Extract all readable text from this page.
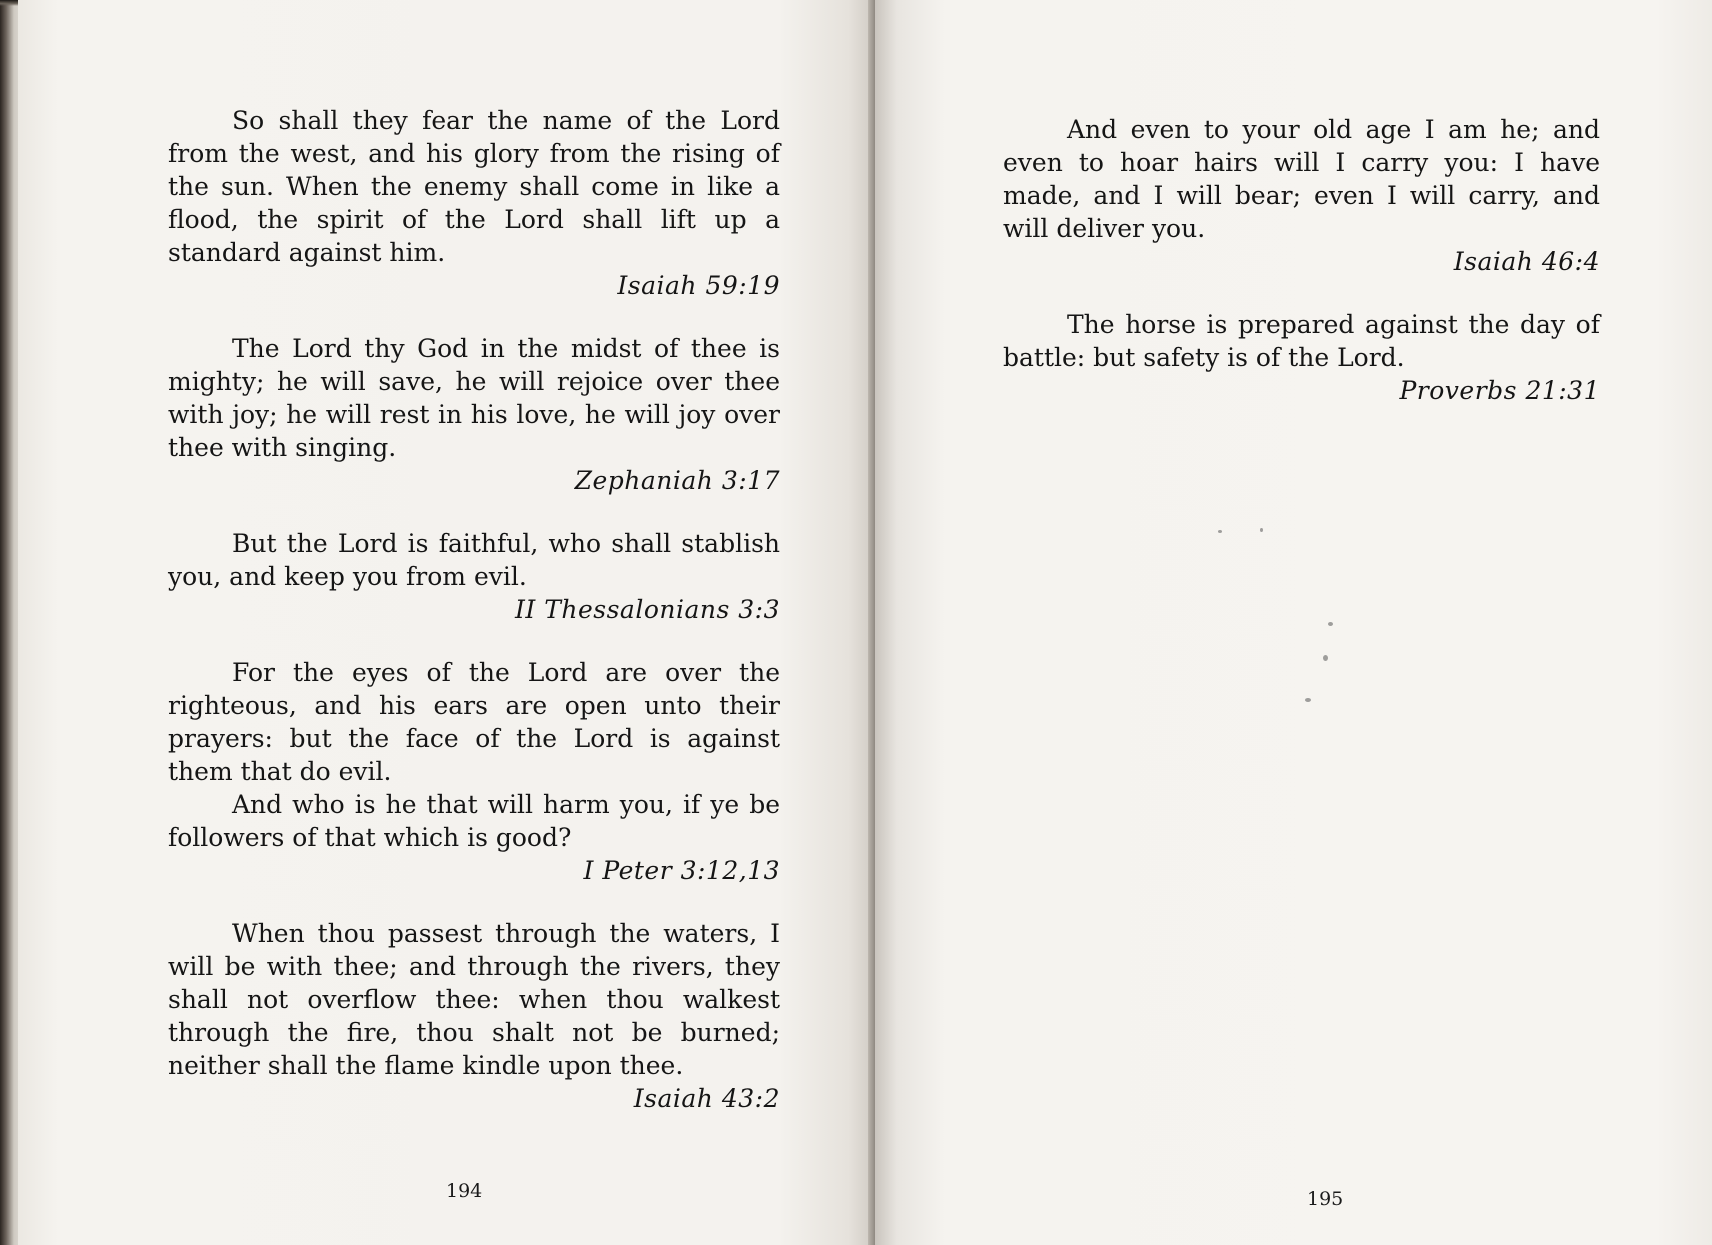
So shall they fear the name of the Lord from the west, and his glory from the rising of the sun. When the enemy shall come in like a flood, the spirit of the Lord shall lift up a standard against him.

Isaiah 59:19

The Lord thy God in the midst of thee is mighty; he will save, he will rejoice over thee with joy; he will rest in his love, he will joy over thee with singing.

Zephaniah 3:17

But the Lord is faithful, who shall stablish you, and keep you from evil.

II Thessalonians 3:3

For the eyes of the Lord are over the righteous, and his ears are open unto their prayers: but the face of the Lord is against them that do evil.

And who is he that will harm you, if ye be followers of that which is good?

I Peter 3:12,13

When thou passest through the waters, I will be with thee; and through the rivers, they shall not overflow thee: when thou walkest through the fire, thou shalt not be burned; neither shall the flame kindle upon thee.

Isaiah 43:2

194

And even to your old age I am he; and even to hoar hairs will I carry you: I have made, and I will bear; even I will carry, and will deliver you.

Isaiah 46:4

The horse is prepared against the day of battle: but safety is of the Lord.

Proverbs 21:31

195
